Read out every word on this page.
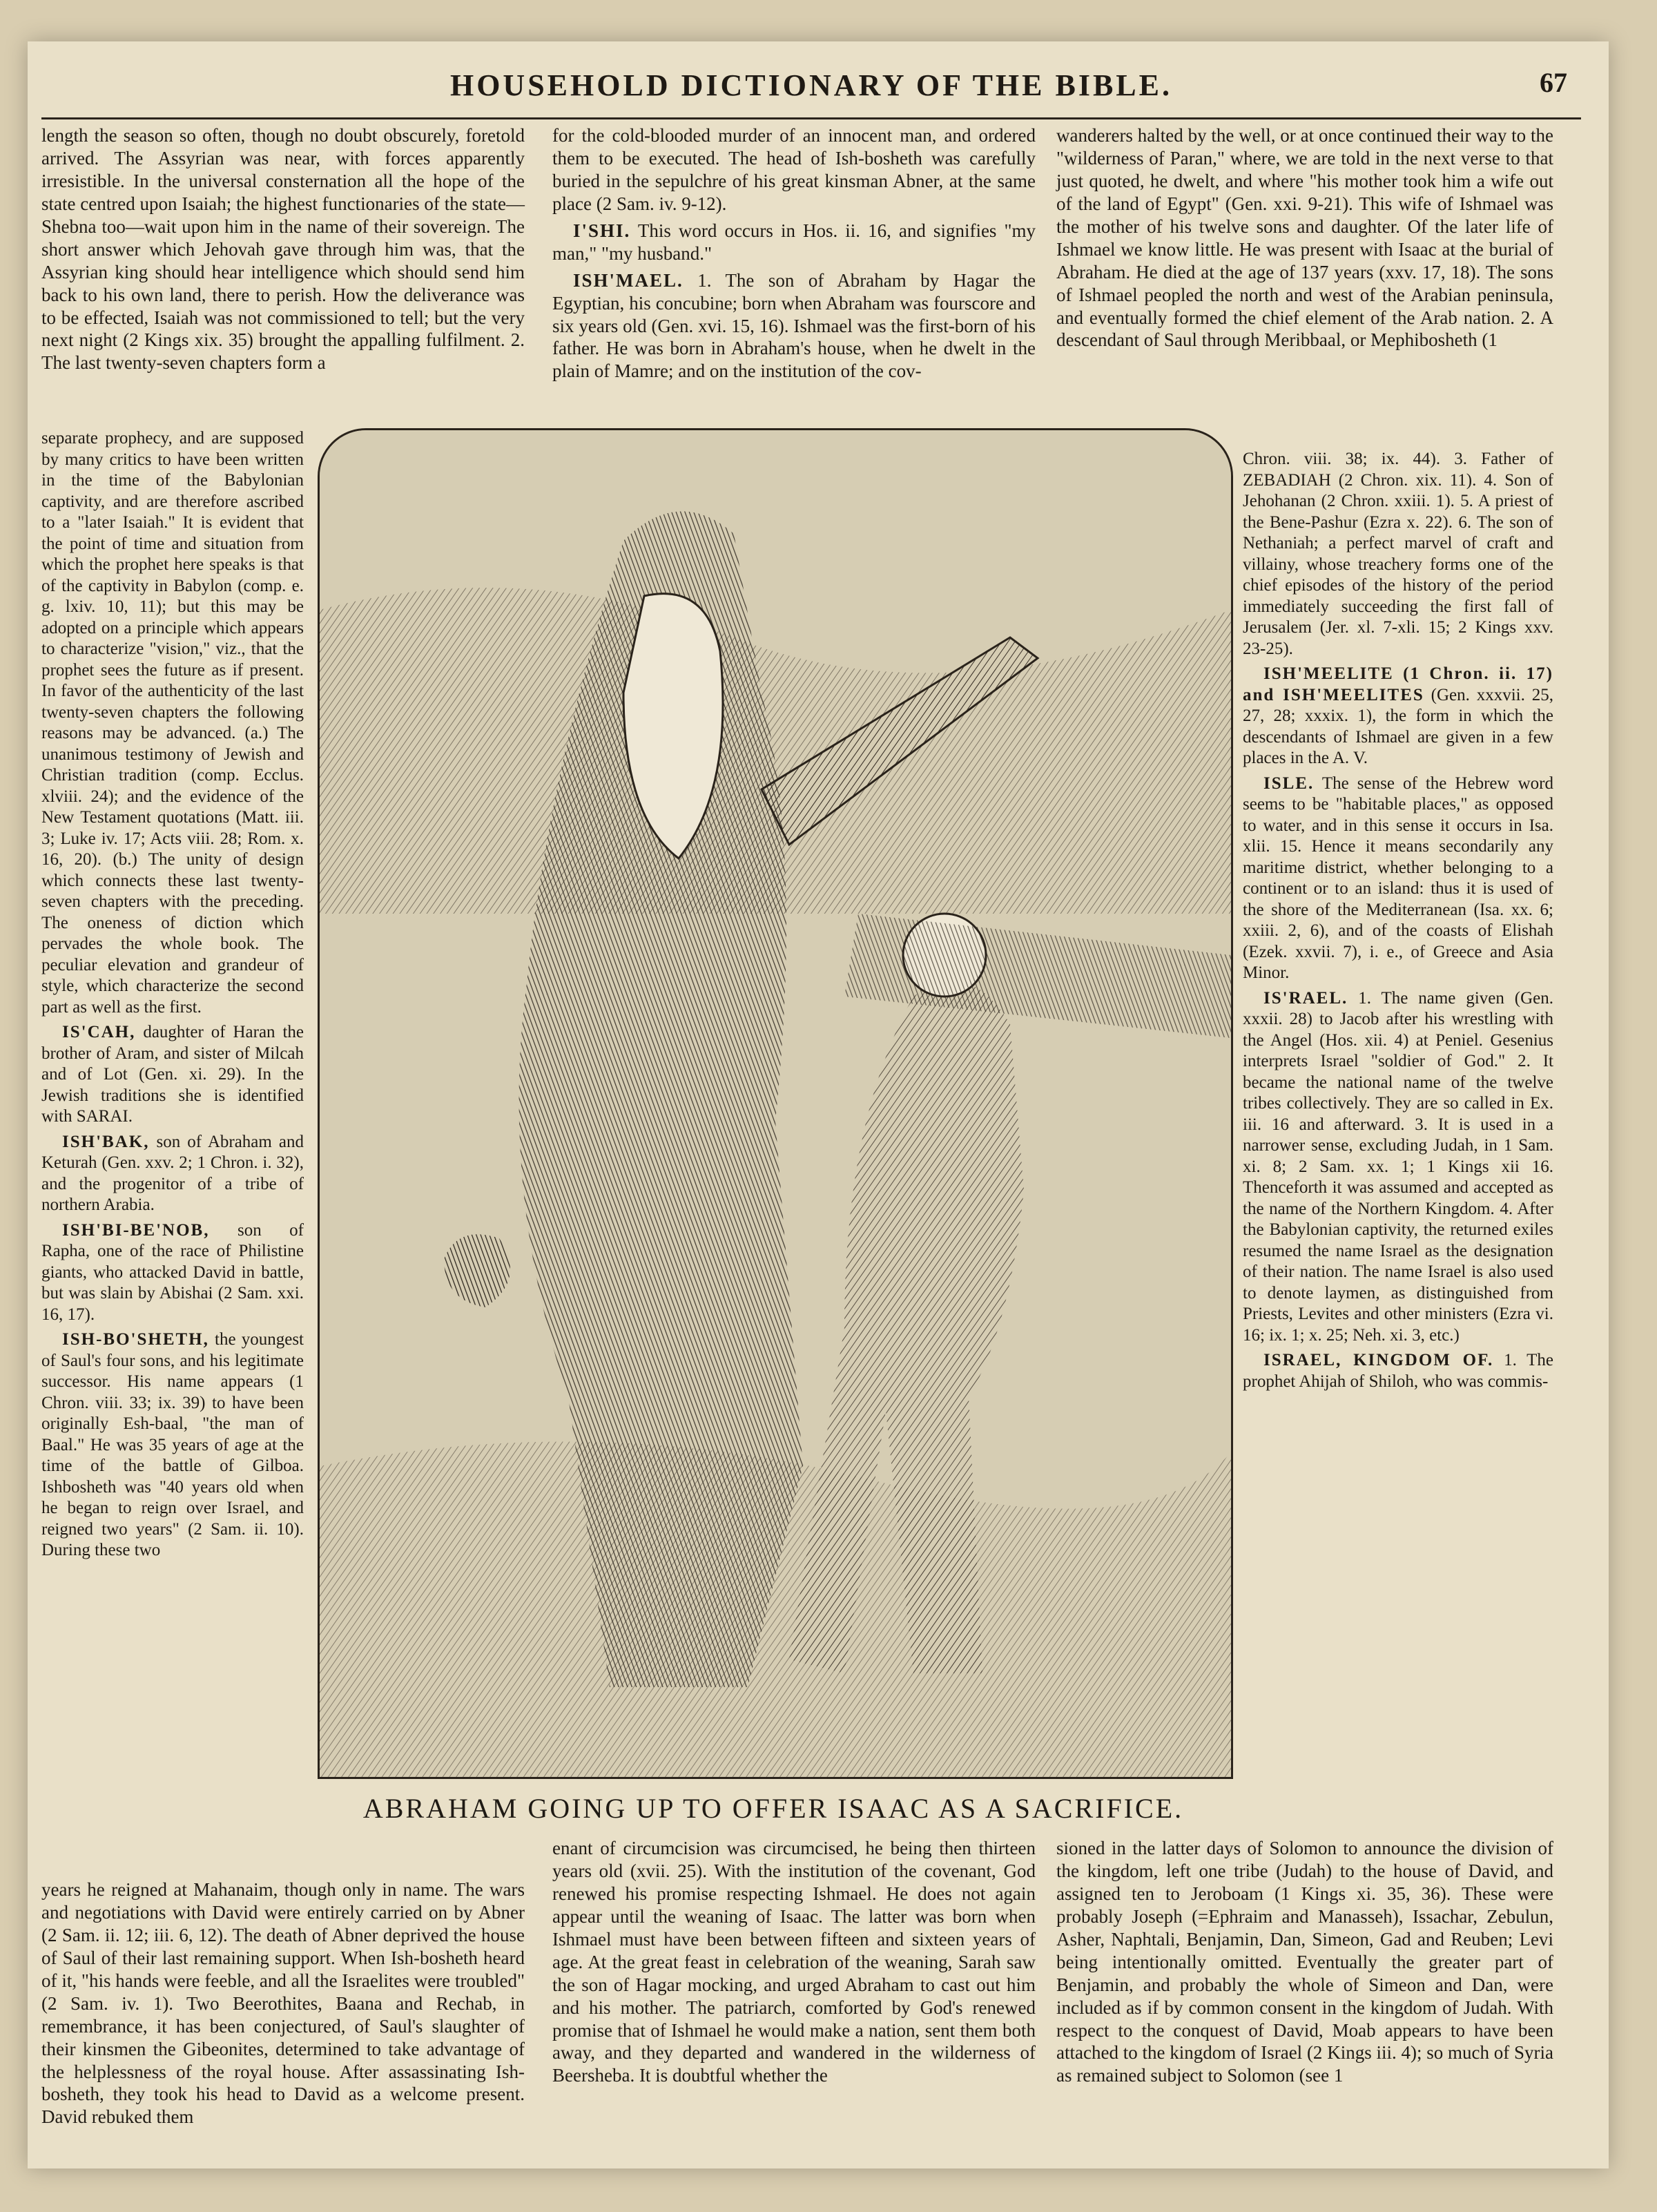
HOUSEHOLD DICTIONARY OF THE BIBLE.	67

length the season so often, though no doubt obscurely, foretold arrived. The Assyrian was near, with forces apparently irresistible. In the universal consternation all the hope of the state centred upon Isaiah; the highest functionaries of the state—Shebna too—wait upon him in the name of their sovereign. The short answer which Jehovah gave through him was, that the Assyrian king should hear intelligence which should send him back to his own land, there to perish. How the deliverance was to be effected, Isaiah was not commissioned to tell; but the very next night (2 Kings xix. 35) brought the appalling fulfilment. 2. The last twenty-seven chapters form a

separate prophecy, and are supposed by many critics to have been written in the time of the Babylonian captivity, and are therefore ascribed to a "later Isaiah." It is evident that the point of time and situation from which the prophet here speaks is that of the captivity in Babylon (comp. e. g. lxiv. 10, 11); but this may be adopted on a principle which appears to characterize "vision," viz., that the prophet sees the future as if present. In favor of the authenticity of the last twenty-seven chapters the following reasons may be advanced. (a.) The unanimous testimony of Jewish and Christian tradition (comp. Ecclus. xlviii. 24); and the evidence of the New Testament quotations (Matt. iii. 3; Luke iv. 17; Acts viii. 28; Rom. x. 16, 20). (b.) The unity of design which connects these last twenty-seven chapters with the preceding. The oneness of diction which pervades the whole book. The peculiar elevation and grandeur of style, which characterize the second part as well as the first.

IS'CAH, daughter of Haran the brother of Aram, and sister of Milcah and of Lot (Gen. xi. 29). In the Jewish traditions she is identified with SARAI.

ISH'BAK, son of Abraham and Keturah (Gen. xxv. 2; 1 Chron. i. 32), and the progenitor of a tribe of northern Arabia.

ISH'BI-BE'NOB, son of Rapha, one of the race of Philistine giants, who attacked David in battle, but was slain by Abishai (2 Sam. xxi. 16, 17).

ISH-BO'SHETH, the youngest of Saul's four sons, and his legitimate successor. His name appears (1 Chron. viii. 33; ix. 39) to have been originally Esh-baal, "the man of Baal." He was 35 years of age at the time of the battle of Gilboa. Ishbosheth was "40 years old when he began to reign over Israel, and reigned two years" (2 Sam. ii. 10). During these two

years he reigned at Mahanaim, though only in name. The wars and negotiations with David were entirely carried on by Abner (2 Sam. ii. 12; iii. 6, 12). The death of Abner deprived the house of Saul of their last remaining support. When Ish-bosheth heard of it, "his hands were feeble, and all the Israelites were troubled" (2 Sam. iv. 1). Two Beerothites, Baana and Rechab, in remembrance, it has been conjectured, of Saul's slaughter of their kinsmen the Gibeonites, determined to take advantage of the helplessness of the royal house. After assassinating Ish-bosheth, they took his head to David as a welcome present. David rebuked them

for the cold-blooded murder of an innocent man, and ordered them to be executed. The head of Ish-bosheth was carefully buried in the sepulchre of his great kinsman Abner, at the same place (2 Sam. iv. 9-12).

I'SHI. This word occurs in Hos. ii. 16, and signifies "my man," "my husband."

ISH'MAEL. 1. The son of Abraham by Hagar the Egyptian, his concubine; born when Abraham was fourscore and six years old (Gen. xvi. 15, 16). Ishmael was the first-born of his father. He was born in Abraham's house, when he dwelt in the plain of Mamre; and on the institution of the cov-

enant of circumcision was circumcised, he being then thirteen years old (xvii. 25). With the institution of the covenant, God renewed his promise respecting Ishmael. He does not again appear until the weaning of Isaac. The latter was born when Ishmael must have been between fifteen and sixteen years of age. At the great feast in celebration of the weaning, Sarah saw the son of Hagar mocking, and urged Abraham to cast out him and his mother. The patriarch, comforted by God's renewed promise that of Ishmael he would make a nation, sent them both away, and they departed and wandered in the wilderness of Beersheba. It is doubtful whether the

wanderers halted by the well, or at once continued their way to the "wilderness of Paran," where, we are told in the next verse to that just quoted, he dwelt, and where "his mother took him a wife out of the land of Egypt" (Gen. xxi. 9-21). This wife of Ishmael was the mother of his twelve sons and daughter. Of the later life of Ishmael we know little. He was present with Isaac at the burial of Abraham. He died at the age of 137 years (xxv. 17, 18). The sons of Ishmael peopled the north and west of the Arabian peninsula, and eventually formed the chief element of the Arab nation. 2. A descendant of Saul through Meribbaal, or Mephibosheth (1

Chron. viii. 38; ix. 44). 3. Father of ZEBADIAH (2 Chron. xix. 11). 4. Son of Jehohanan (2 Chron. xxiii. 1). 5. A priest of the Bene-Pashur (Ezra x. 22). 6. The son of Nethaniah; a perfect marvel of craft and villainy, whose treachery forms one of the chief episodes of the history of the period immediately succeeding the first fall of Jerusalem (Jer. xl. 7-xli. 15; 2 Kings xxv. 23-25).

ISH'MEELITE (1 Chron. ii. 17) and ISH'MEELITES (Gen. xxxvii. 25, 27, 28; xxxix. 1), the form in which the descendants of Ishmael are given in a few places in the A. V.

ISLE. The sense of the Hebrew word seems to be "habitable places," as opposed to water, and in this sense it occurs in Isa. xlii. 15. Hence it means secondarily any maritime district, whether belonging to a continent or to an island: thus it is used of the shore of the Mediterranean (Isa. xx. 6; xxiii. 2, 6), and of the coasts of Elishah (Ezek. xxvii. 7), i. e., of Greece and Asia Minor.

IS'RAEL. 1. The name given (Gen. xxxii. 28) to Jacob after his wrestling with the Angel (Hos. xii. 4) at Peniel. Gesenius interprets Israel "soldier of God." 2. It became the national name of the twelve tribes collectively. They are so called in Ex. iii. 16 and afterward. 3. It is used in a narrower sense, excluding Judah, in 1 Sam. xi. 8; 2 Sam. xx. 1; 1 Kings xii 16. Thenceforth it was assumed and accepted as the name of the Northern Kingdom. 4. After the Babylonian captivity, the returned exiles resumed the name Israel as the designation of their nation. The name Israel is also used to denote laymen, as distinguished from Priests, Levites and other ministers (Ezra vi. 16; ix. 1; x. 25; Neh. xi. 3, etc.)

ISRAEL, KINGDOM OF. 1. The prophet Ahijah of Shiloh, who was commis-

sioned in the latter days of Solomon to announce the division of the kingdom, left one tribe (Judah) to the house of David, and assigned ten to Jeroboam (1 Kings xi. 35, 36). These were probably Joseph (=Ephraim and Manasseh), Issachar, Zebulun, Asher, Naphtali, Benjamin, Dan, Simeon, Gad and Reuben; Levi being intentionally omitted. Eventually the greater part of Benjamin, and probably the whole of Simeon and Dan, were included as if by common consent in the kingdom of Judah. With respect to the conquest of David, Moab appears to have been attached to the kingdom of Israel (2 Kings iii. 4); so much of Syria as remained subject to Solomon (see 1

ABRAHAM GOING UP TO OFFER ISAAC AS A SACRIFICE.
